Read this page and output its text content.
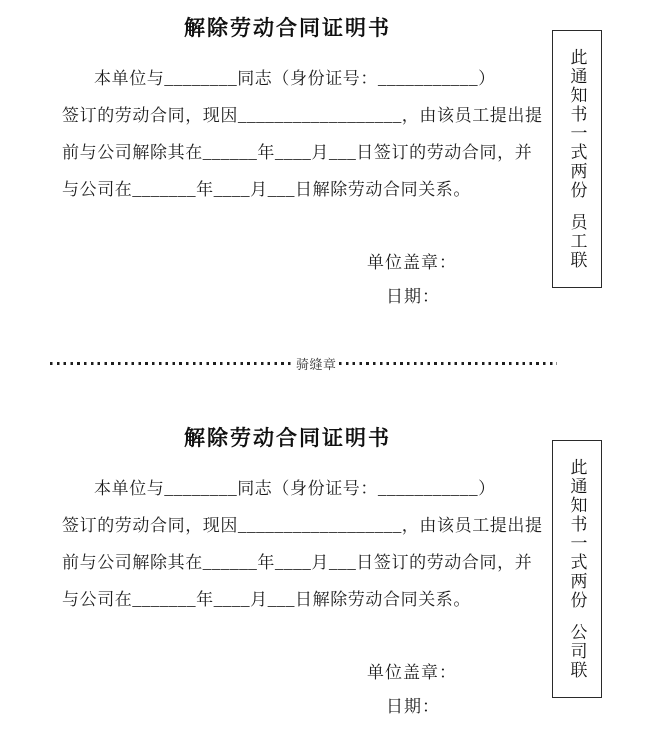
解除劳动合同证明书
本单位与________同志（身份证号：___________）
签订的劳动合同，现因__________________，由该员工提出提
前与公司解除其在______年____月___日签订的劳动合同，并
与公司在_______年____月___日解除劳动合同关系。
单位盖章：
日期：
此通知书一式两份员工联
骑缝章
解除劳动合同证明书
本单位与________同志（身份证号：___________）
签订的劳动合同，现因__________________，由该员工提出提
前与公司解除其在______年____月___日签订的劳动合同，并
与公司在_______年____月___日解除劳动合同关系。
单位盖章：
日期：
此通知书一式两份公司联
